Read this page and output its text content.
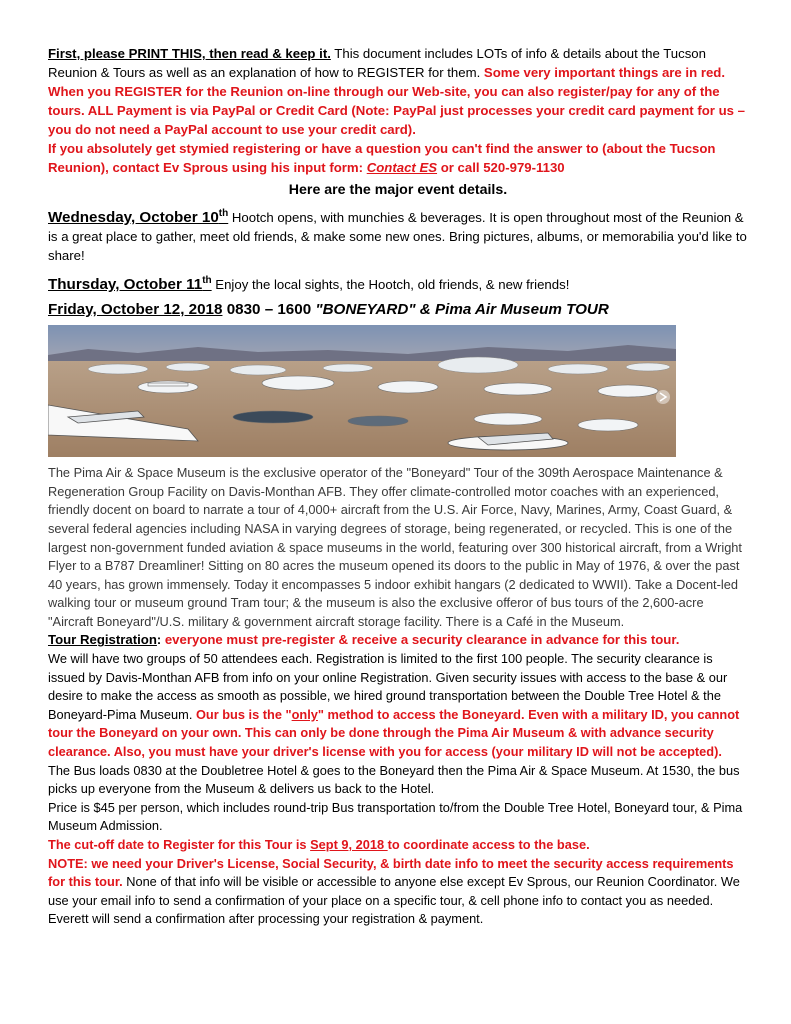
First, please PRINT THIS, then read & keep it. This document includes LOTs of info & details about the Tucson Reunion & Tours as well as an explanation of how to REGISTER for them. Some very important things are in red. When you REGISTER for the Reunion on-line through our Web-site, you can also register/pay for any of the tours. ALL Payment is via PayPal or Credit Card (Note: PayPal just processes your credit card payment for us – you do not need a PayPal account to use your credit card).

If you absolutely get stymied registering or have a question you can't find the answer to (about the Tucson Reunion), contact Ev Sprous using his input form: Contact ES or call 520-979-1130

Here are the major event details.

Wednesday, October 10th Hootch opens, with munchies & beverages. It is open throughout most of the Reunion & is a great place to gather, meet old friends, & make some new ones. Bring pictures, albums, or memorabilia you'd like to share!

Thursday, October 11th Enjoy the local sights, the Hootch, old friends, & new friends!

Friday, October 12, 2018 0830 – 1600 "BONEYARD" & Pima Air Museum TOUR

The Pima Air & Space Museum is the exclusive operator of the "Boneyard" Tour of the 309th Aerospace Maintenance & Regeneration Group Facility on Davis-Monthan AFB. They offer climate-controlled motor coaches with an experienced, friendly docent on board to narrate a tour of 4,000+ aircraft from the U.S. Air Force, Navy, Marines, Army, Coast Guard, & several federal agencies including NASA in varying degrees of storage, being regenerated, or recycled. This is one of the largest non-government funded aviation & space museums in the world, featuring over 300 historical aircraft, from a Wright Flyer to a B787 Dreamliner! Sitting on 80 acres the museum opened its doors to the public in May of 1976, & over the past 40 years, has grown immensely. Today it encompasses 5 indoor exhibit hangars (2 dedicated to WWII). Take a Docent-led walking tour or museum ground Tram tour; & the museum is also the exclusive offeror of bus tours of the 2,600-acre "Aircraft Boneyard"/U.S. military & government aircraft storage facility. There is a Café in the Museum.

Tour Registration: everyone must pre-register & receive a security clearance in advance for this tour.

We will have two groups of 50 attendees each. Registration is limited to the first 100 people. The security clearance is issued by Davis-Monthan AFB from info on your online Registration. Given security issues with access to the base & our desire to make the access as smooth as possible, we hired ground transportation between the Double Tree Hotel & the Boneyard-Pima Museum. Our bus is the "only" method to access the Boneyard. Even with a military ID, you cannot tour the Boneyard on your own. This can only be done through the Pima Air Museum & with advance security clearance. Also, you must have your driver's license with you for access (your military ID will not be accepted).

The Bus loads 0830 at the Doubletree Hotel & goes to the Boneyard then the Pima Air & Space Museum. At 1530, the bus picks up everyone from the Museum & delivers us back to the Hotel.

Price is $45 per person, which includes round-trip Bus transportation to/from the Double Tree Hotel, Boneyard tour, & Pima Museum Admission.

The cut-off date to Register for this Tour is Sept 9, 2018 to coordinate access to the base.

NOTE: we need your Driver's License, Social Security, & birth date info to meet the security access requirements for this tour. None of that info will be visible or accessible to anyone else except Ev Sprous, our Reunion Coordinator. We use your email info to send a confirmation of your place on a specific tour, & cell phone info to contact you as needed. Everett will send a confirmation after processing your registration & payment.
